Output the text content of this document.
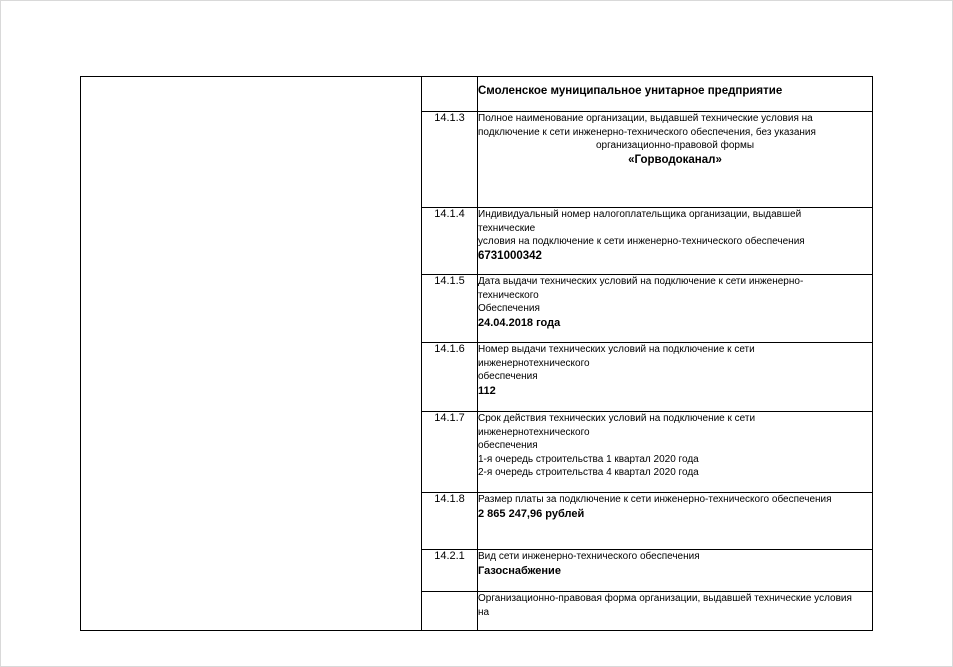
		Смоленское муниципальное унитарное предприятие

	14.1.3	Полное наименование организации, выдавшей технические условия на
подключение к сети инженерно-технического обеспечения, без указания
организационно-правовой формы
«Горводоканал»

	14.1.4	Индивидуальный номер налогоплательщика организации, выдавшей
технические
условия на подключение к сети инженерно-технического обеспечения
6731000342

	14.1.5	Дата выдачи технических условий на подключение к сети инженерно-
технического
Обеспечения
24.04.2018 года

	14.1.6	Номер выдачи технических условий на подключение к сети
инженернотехнического
обеспечения
112

	14.1.7	Срок действия технических условий на подключение к сети
инженернотехнического
обеспечения
1-я очередь строительства 1 квартал 2020 года
2-я очередь строительства 4 квартал 2020 года

	14.1.8	Размер платы за подключение к сети инженерно-технического обеспечения
2 865 247,96 рублей

	14.2.1	Вид сети инженерно-технического обеспечения
Газоснабжение

		Организационно-правовая форма организации, выдавшей технические условия
на
